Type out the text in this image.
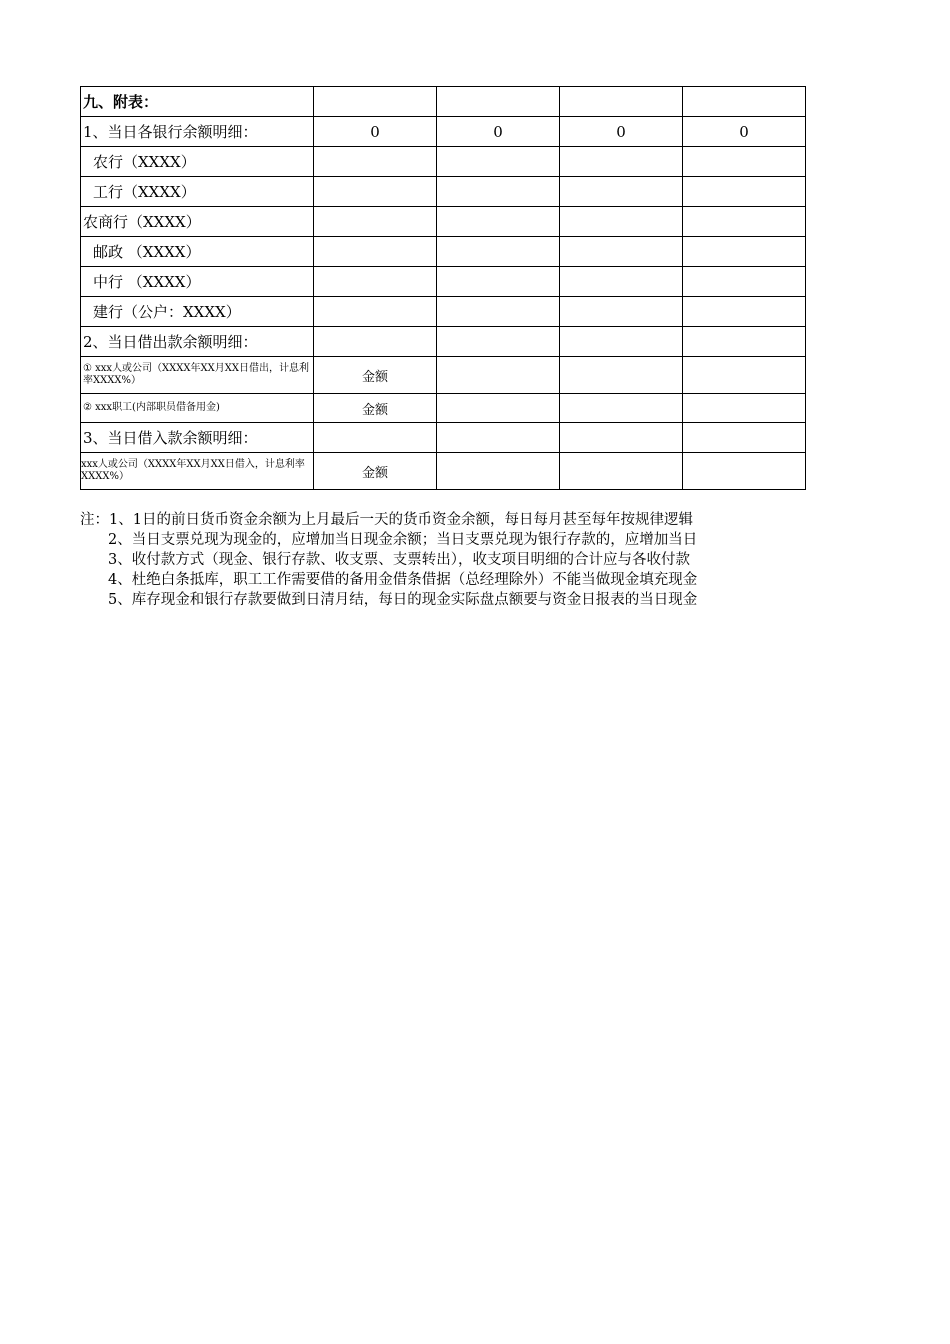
九、附表：				
1、当日各银行余额明细：	0	0	0	0
农行（XXXX）				
工行（XXXX）				
农商行（XXXX）				
邮政 （XXXX）				
中行 （XXXX）				
建行（公户：XXXX）				
2、当日借出款余额明细：				
① xxx人或公司（XXXX年XX月XX日借出，计息利率XXXX%）	金额			
② xxx职工(内部职员借备用金)	金额			
3、当日借入款余额明细：				
xxx人或公司（XXXX年XX月XX日借入，计息利率XXXX%）	金额			
注：1、1日的前日货币资金余额为上月最后一天的货币资金余额，每日每月甚至每年按规律逻辑
2、当日支票兑现为现金的，应增加当日现金余额；当日支票兑现为银行存款的，应增加当日
3、收付款方式（现金、银行存款、收支票、支票转出），收支项目明细的合计应与各收付款
4、杜绝白条抵库，职工工作需要借的备用金借条借据（总经理除外）不能当做现金填充现金
5、库存现金和银行存款要做到日清月结，每日的现金实际盘点额要与资金日报表的当日现金
